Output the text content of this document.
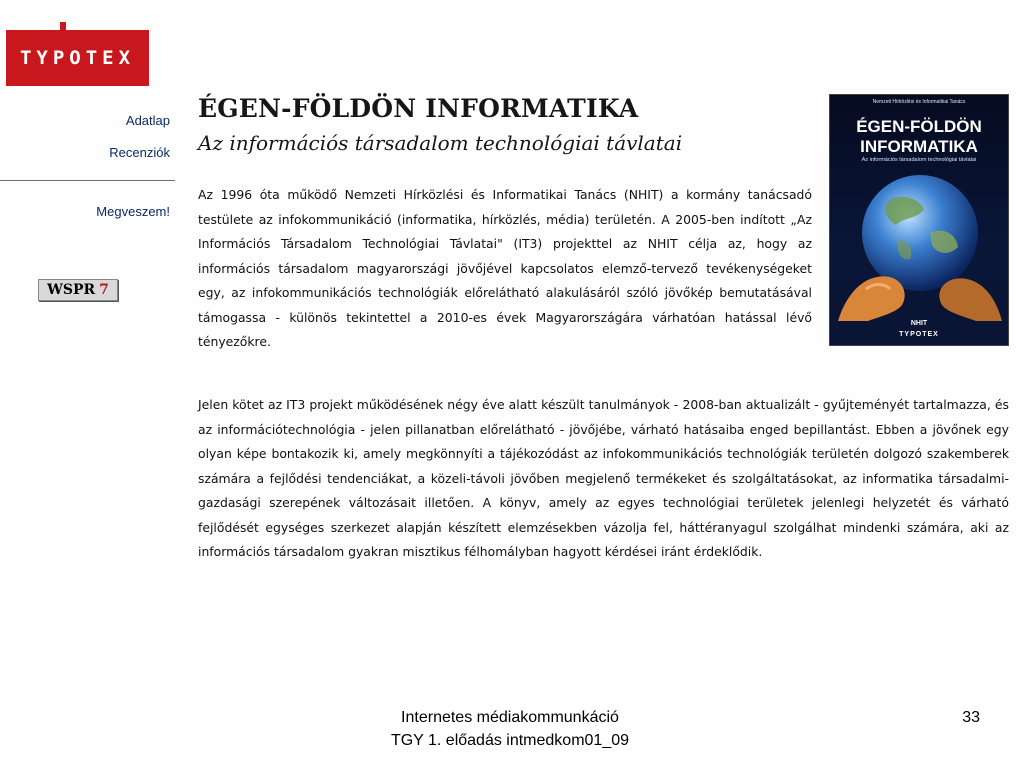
TYPOTEX
Adatlap
Recenziók
Megveszem!
WSPR 7
ÉGEN-FÖLDÖN INFORMATIKA
Az információs társadalom technológiai távlatai
Az 1996 óta működő Nemzeti Hírközlési és Informatikai Tanács (NHIT) a kormány tanácsadó testülete az infokommunikáció (informatika, hírközlés, média) területén. A 2005-ben indított „Az Információs Társadalom Technológiai Távlatai" (IT3) projekttel az NHIT célja az, hogy az információs társadalom magyarországi jövőjével kapcsolatos elemző-tervező tevékenységeket egy, az infokommunikációs technológiák előrelátható alakulásáról szóló jövőkép bemutatásával támogassa - különös tekintettel a 2010-es évek Magyarországára várhatóan hatással lévő tényezőkre.
Jelen kötet az IT3 projekt működésének négy éve alatt készült tanulmányok - 2008-ban aktualizált - gyűjteményét tartalmazza, és az információtechnológia - jelen pillanatban előrelátható - jövőjébe, várható hatásaiba enged bepillantást. Ebben a jövőnek egy olyan képe bontakozik ki, amely megkönnyíti a tájékozódást az infokommunikációs technológiák területén dolgozó szakemberek számára a fejlődési tendenciákat, a közeli-távoli jövőben megjelenő termékeket és szolgáltatásokat, az informatika társadalmi-gazdasági szerepének változásait illetően. A könyv, amely az egyes technológiai területek jelenlegi helyzetét és várható fejlődését egységes szerkezet alapján készített elemzésekben vázolja fel, háttéranyagul szolgálhat mindenki számára, aki az információs társadalom gyakran misztikus félhomályban hagyott kérdései iránt érdeklődik.
Nemzeti Hírközlési és Informatikai Tanács
ÉGEN-FÖLDÖN
INFORMATIKA
Az információs társadalom technológiai távlatai
NHIT
TYPOTEX
Internetes médiakommunkáció
TGY 1. előadás intmedkom01_09
33
